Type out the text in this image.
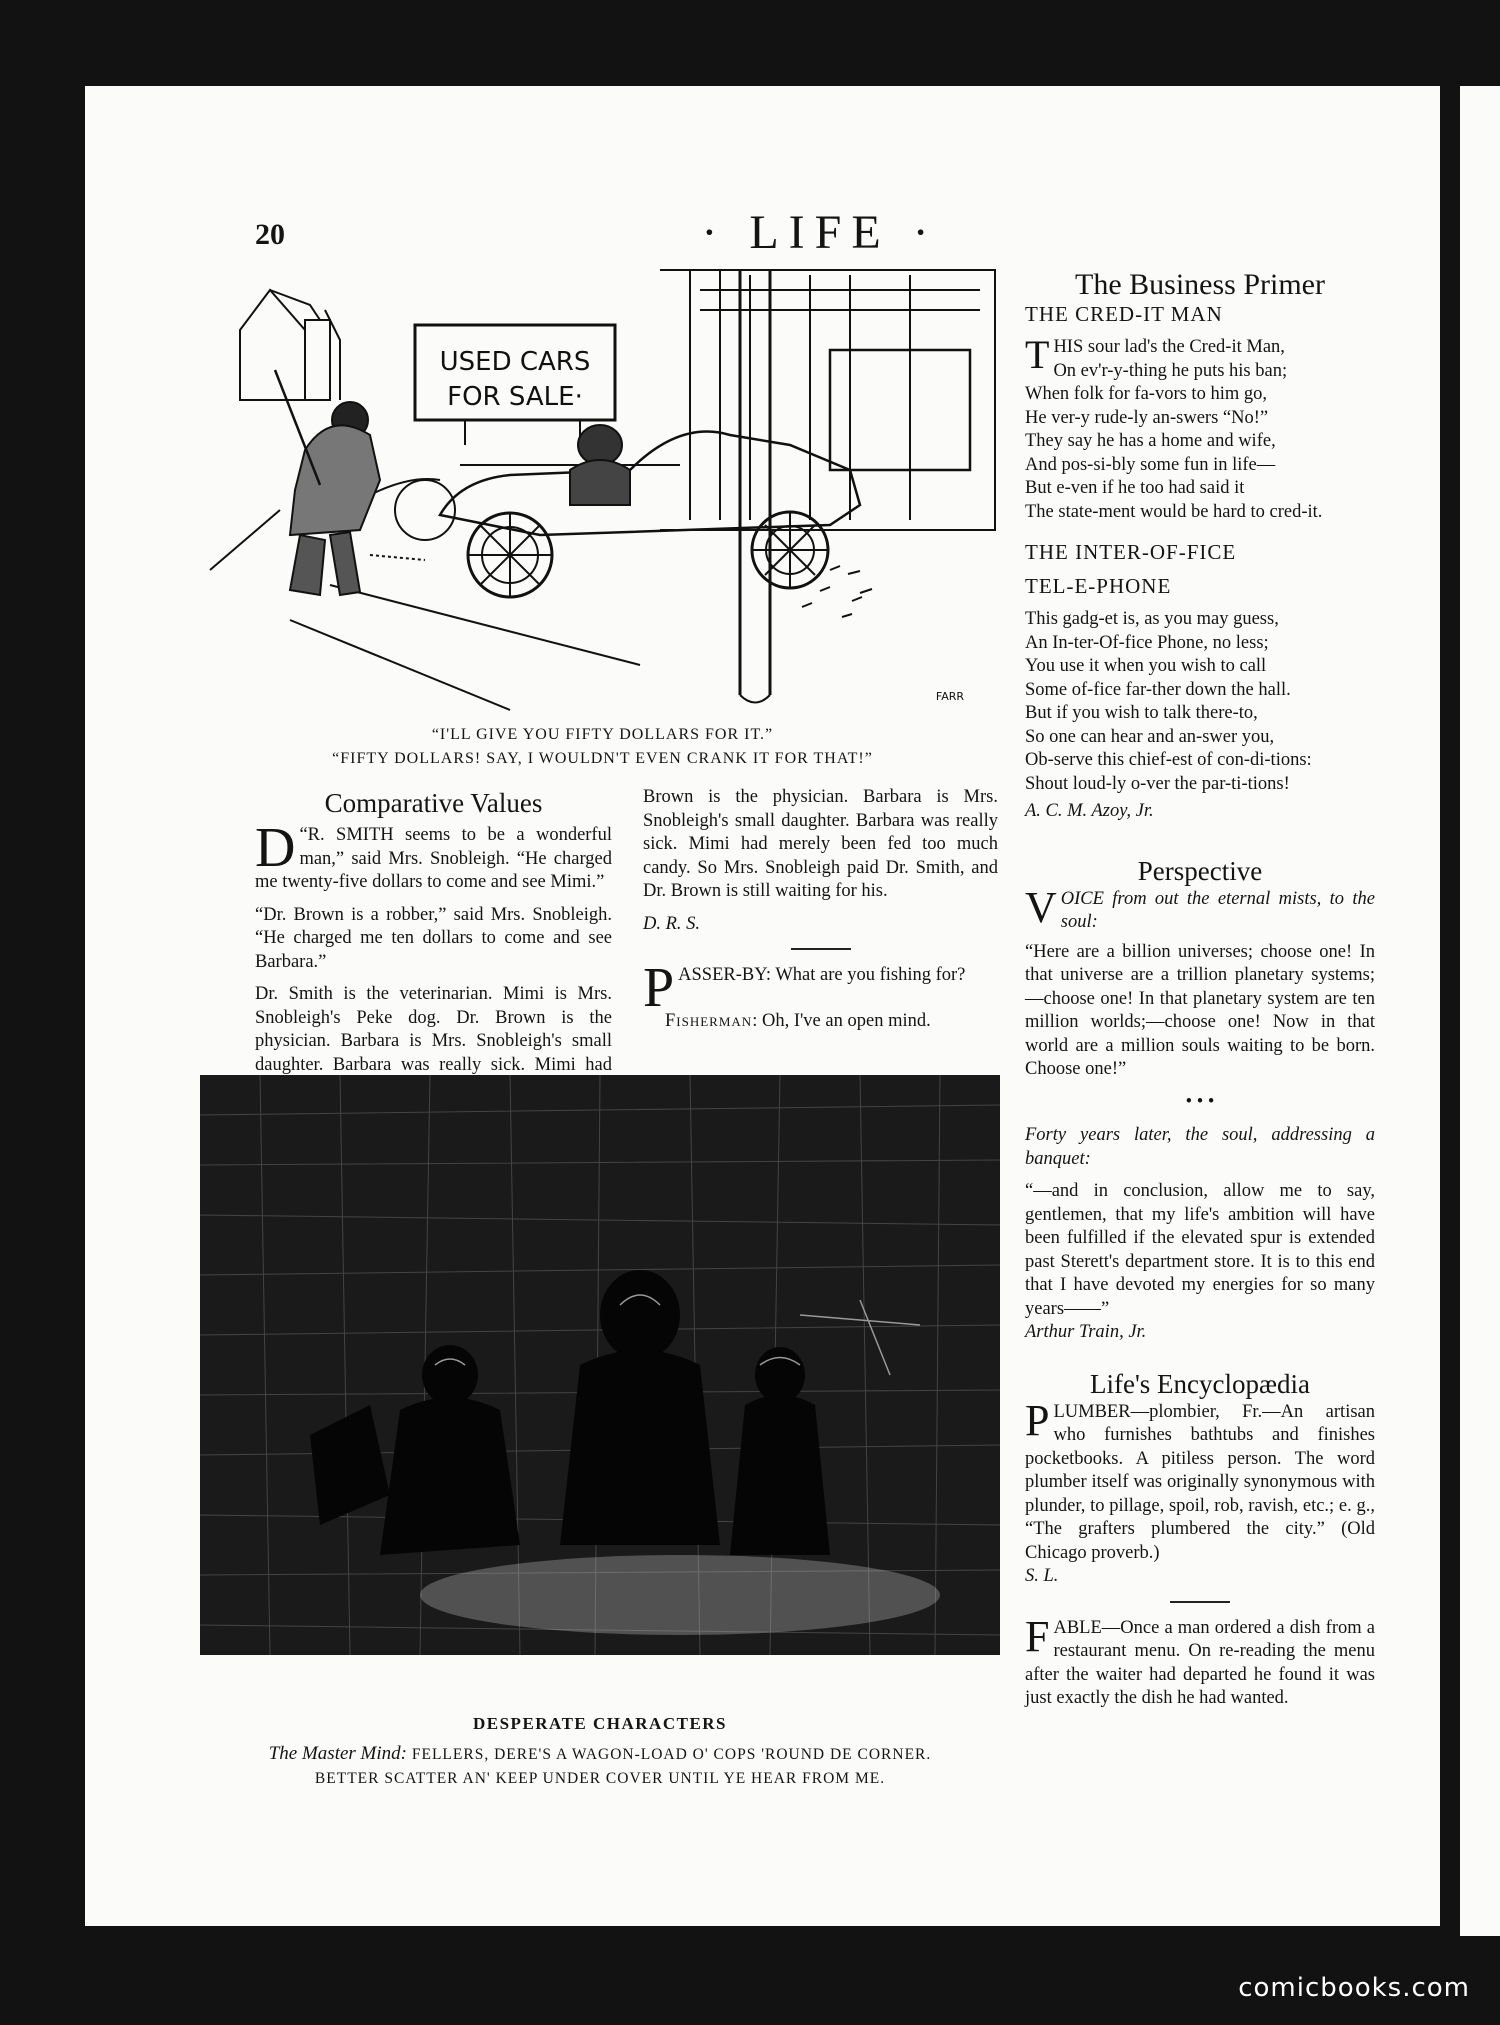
20	· LIFE ·
USED CARS
FOR SALE·
FARR
“I'LL GIVE YOU FIFTY DOLLARS FOR IT.”
“FIFTY DOLLARS! SAY, I WOULDN'T EVEN CRANK IT FOR THAT!”
Comparative Values

“
D R. SMITH seems to be a wonderful man,” said Mrs. Snobleigh. “He charged me twenty-five dollars to come and see Mimi.”

“Dr. Brown is a robber,” said Mrs. Snobleigh. “He charged me ten dollars to come and see Barbara.”

Dr. Smith is the veterinarian. Mimi is Mrs. Snobleigh's Peke dog. Dr. Brown is the physician. Barbara is Mrs. Snobleigh's small daughter. Barbara was really sick. Mimi had

Brown is the physician. Barbara is Mrs. Snobleigh's small daughter. Barbara was really sick. Mimi had merely been fed too much candy. So Mrs. Snobleigh paid Dr. Smith, and Dr. Brown is still waiting for his.

D. R. S.

PASSER-BY: What are you fishing for?

Fisherman: Oh, I've an open mind.

DESPERATE CHARACTERS
The Master Mind: FELLERS, DERE'S A WAGON-LOAD O' COPS 'ROUND DE CORNER.
BETTER SCATTER AN' KEEP UNDER COVER UNTIL YE HEAR FROM ME.
The Business Primer

THE CRED-IT MAN

T HIS sour lad's the Cred-it Man,
On ev'r-y-thing he puts his ban;
When folk for fa-vors to him go,
He ver-y rude-ly an-swers “No!”
They say he has a home and wife,
And pos-si-bly some fun in life—
But e-ven if he too had said it
The state-ment would be hard to cred-it.

THE INTER-OF-FICE

TEL-E-PHONE

This gadg-et is, as you may guess,
An In-ter-Of-fice Phone, no less;
You use it when you wish to call
Some of-fice far-ther down the hall.
But if you wish to talk there-to,
So one can hear and an-swer you,
Ob-serve this chief-est of con-di-tions:
Shout loud-ly o-ver the par-ti-tions!

A. C. M. Azoy, Jr.

Perspective

VOICE from out the eternal mists, to the soul:

“Here are a billion universes; choose one! In that universe are a trillion planetary systems;—choose one! In that planetary system are ten million worlds;—choose one! Now in that world are a million souls waiting to be born. Choose one!”

• • •

Forty years later, the soul, addressing a banquet:

“—and in conclusion, allow me to say, gentlemen, that my life's ambition will have been fulfilled if the elevated spur is extended past Sterett's department store. It is to this end that I have devoted my energies for so many years——”

Arthur Train, Jr.

Life's Encyclopædia

PLUMBER—plombier, Fr.—An artisan who furnishes bathtubs and finishes pocketbooks. A pitiless person. The word plumber itself was originally synonymous with plunder, to pillage, spoil, rob, ravish, etc.; e. g., “The grafters plumbered the city.” (Old Chicago proverb.)

S. L.

FABLE—Once a man ordered a dish from a restaurant menu. On re-reading the menu after the waiter had departed he found it was just exactly the dish he had wanted.

comicbooks.com
